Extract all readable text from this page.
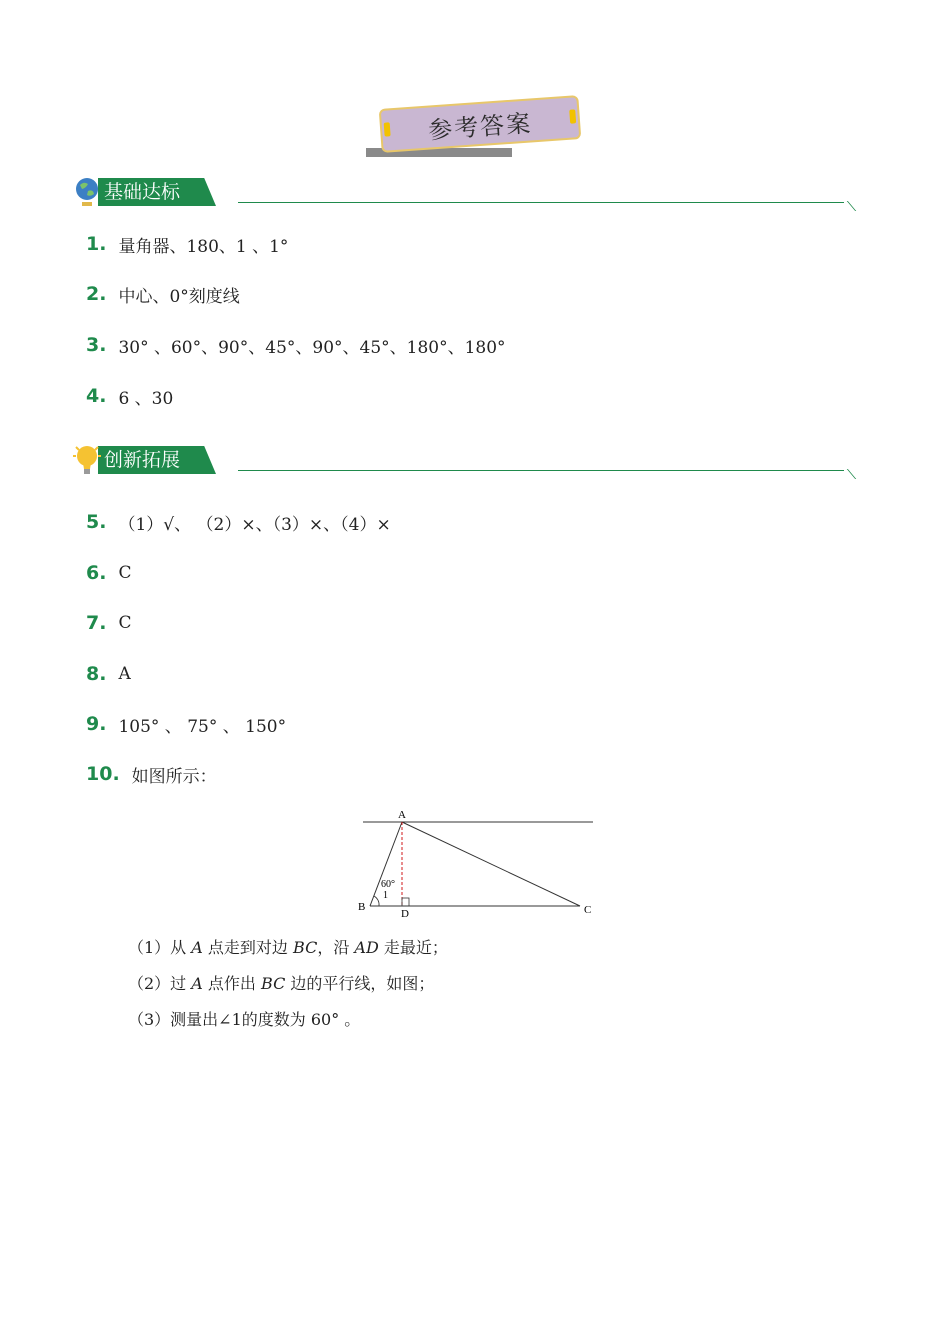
参考答案
基础达标
1. 量角器、180、1 、1°
2. 中心、0°刻度线
3. 30° 、60°、90°、45°、90°、45°、180°、180°
4. 6 、30
创新拓展
5. （1）√、 （2）×、（3）×、（4）×
6. C
7. C
8. A
9. 105° 、 75° 、 150°
10. 如图所示：
A
B	C
D
60°
1
（1）从 A 点走到对边 BC，沿 AD 走最近；
（2）过 A 点作出 BC 边的平行线，如图；
（3）测量出∠1的度数为 60° 。
